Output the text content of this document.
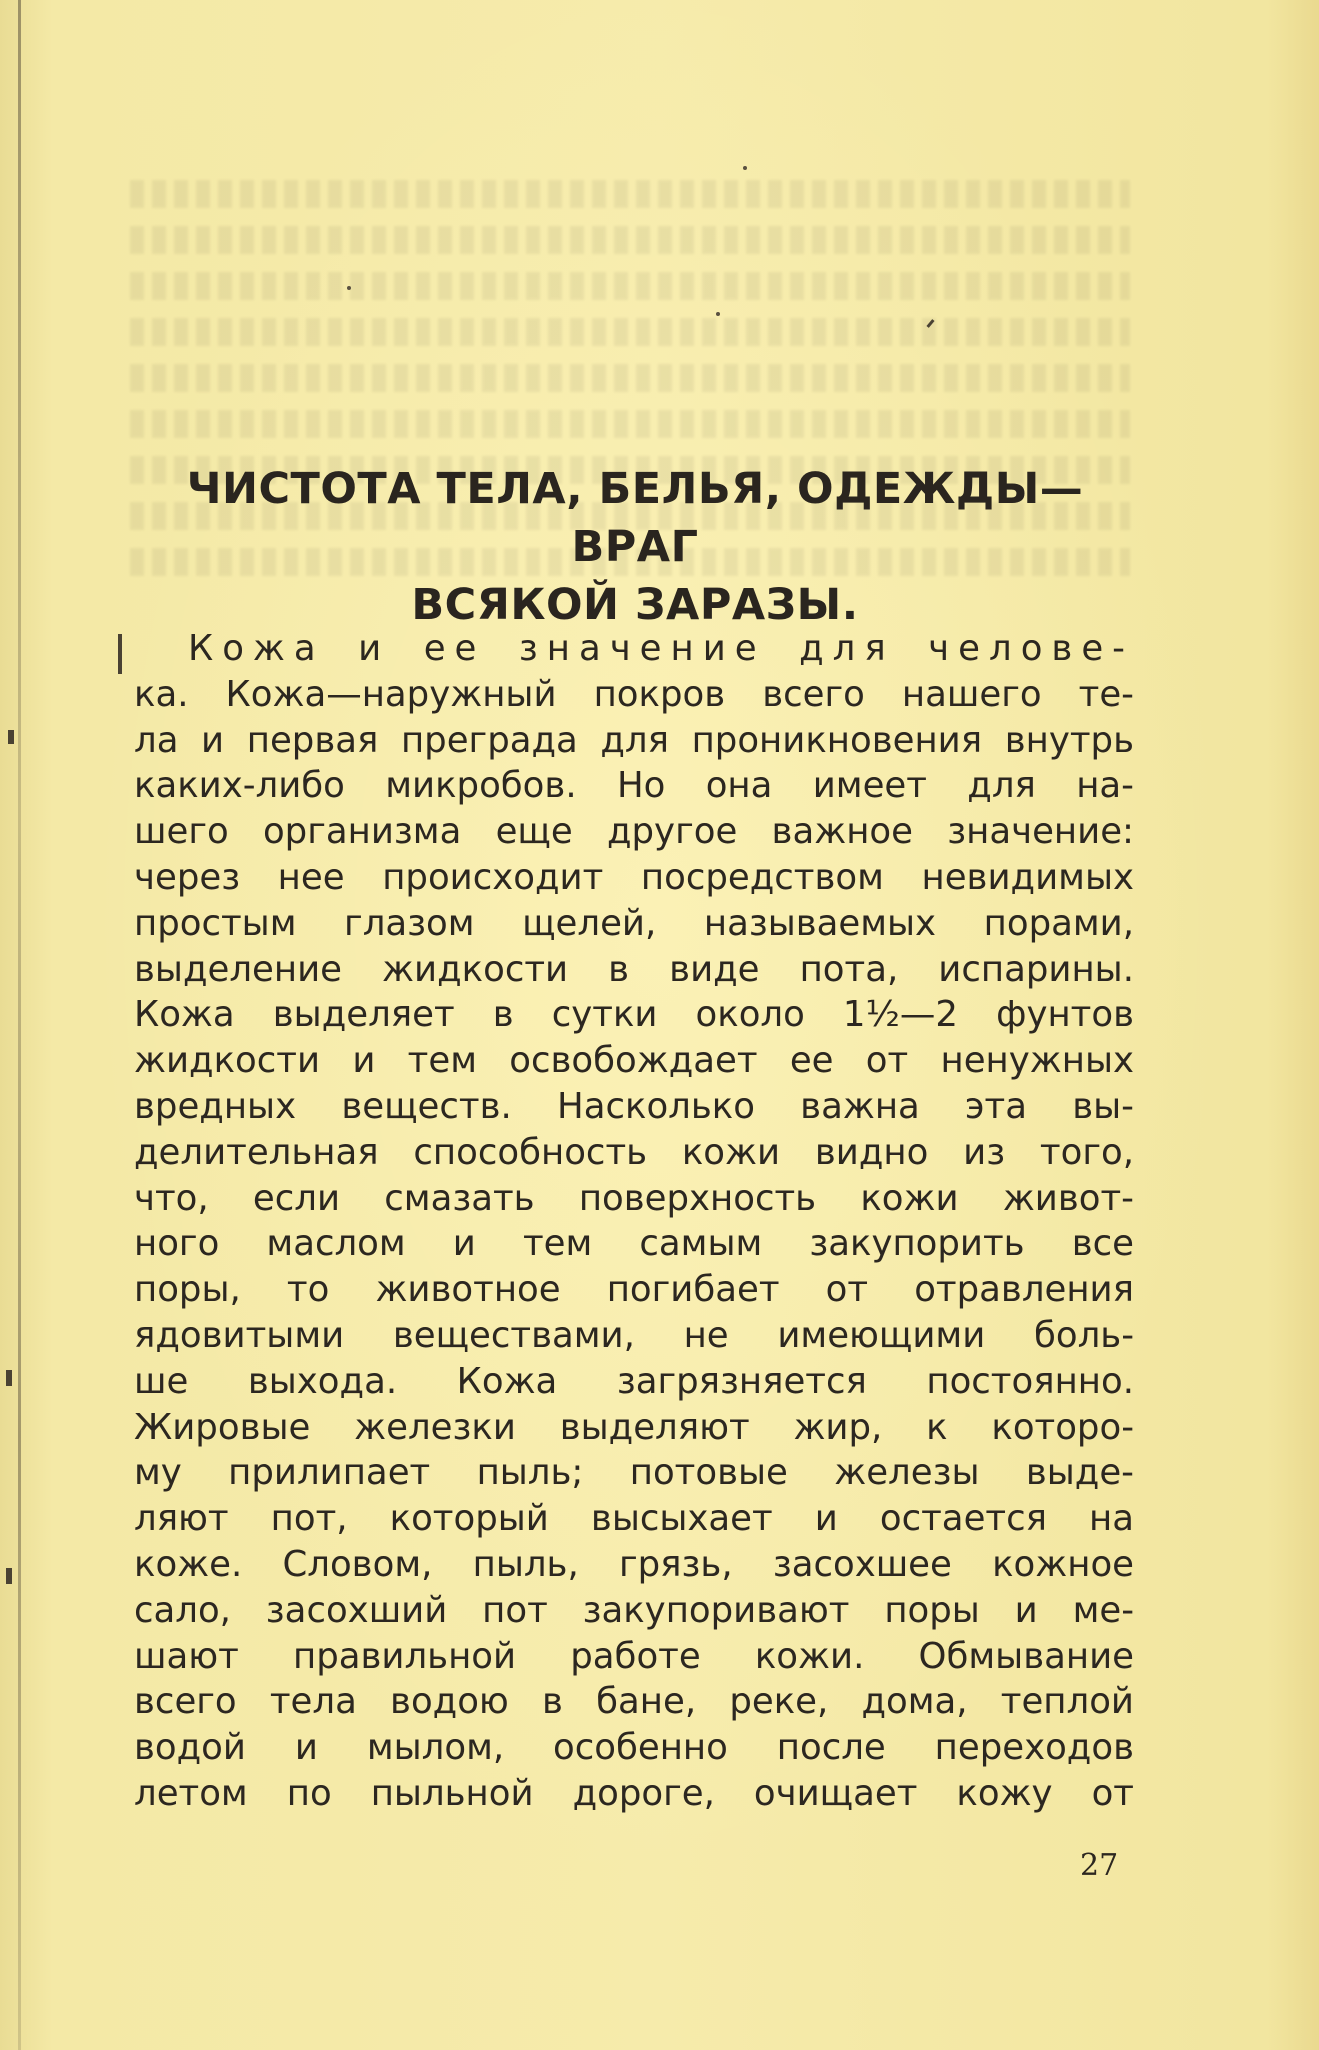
ЧИСТОТА ТЕЛА, БЕЛЬЯ, ОДЕЖДЫ—ВРАГ
ВСЯКОЙ ЗАРАЗЫ.
Кожа и ее значение для челове-
ка. Кожа—наружный покров всего нашего те-
ла и первая преграда для проникновения внутрь
каких-либо микробов. Но она имеет для на-
шего организма еще другое важное значение:
через нее происходит посредством невидимых
простым глазом щелей, называемых порами,
выделение жидкости в виде пота, испарины.
Кожа выделяет в сутки около 1½—2 фунтов
жидкости и тем освобождает ее от ненужных
вредных веществ. Насколько важна эта вы-
делительная способность кожи видно из того,
что, если смазать поверхность кожи живот-
ного маслом и тем самым закупорить все
поры, то животное погибает от отравления
ядовитыми веществами, не имеющими боль-
ше выхода. Кожа загрязняется постоянно.
Жировые железки выделяют жир, к которо-
му прилипает пыль; потовые железы выде-
ляют пот, который высыхает и остается на
коже. Словом, пыль, грязь, засохшее кожное
сало, засохший пот закупоривают поры и ме-
шают правильной работе кожи. Обмывание
всего тела водою в бане, реке, дома, теплой
водой и мылом, особенно после переходов
летом по пыльной дороге, очищает кожу от
27
